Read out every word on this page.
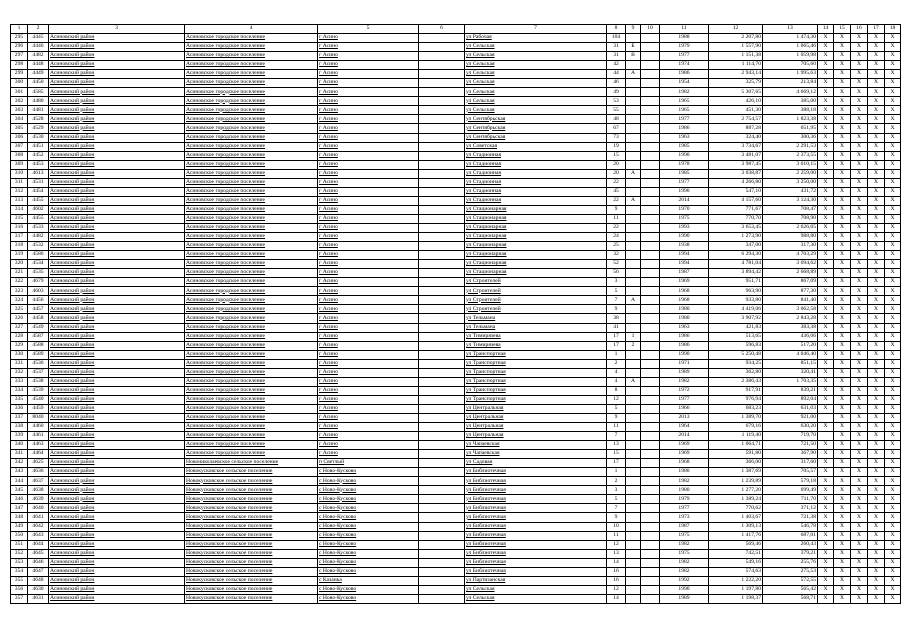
1	2	3	4	5	6	7	8	9	10	11	12	13	14	15	16	17	18
295	4445	Асиновский район	Асиновское городское поселение	г Асино		ул Рабочая	104			1988	2 207,80	1 474,30	X	X	X	X	X
296	4446	Асиновский район	Асиновское городское поселение	г Асино		ул Сельская	31	Б		1979	1 557,90	1 065,46	X	X	X	X	X
297	4482	Асиновский район	Асиновское городское поселение	г Асино		ул Сельская	31	В		1977	1 151,38	1 059,98	X	X	X	X	X
298	4448	Асиновский район	Асиновское городское поселение	г Асино		ул Сельская	42			1974	1 114,70	705,60	X	X	X	X	X
299	4449	Асиновский район	Асиновское городское поселение	г Асино		ул Сельская	44	А		1986	2 943,14	1 995,63	X	X	X	X	X
300	4450	Асиновский район	Асиновское городское поселение	г Асино		ул Сельская	46			1954	325,79	213,84	X	X	X	X	X
301	4585	Асиновский район	Асиновское городское поселение	г Асино		ул Сельская	49			1982	5 307,65	4 669,12	X	X	X	X	X
302	4480	Асиновский район	Асиновское городское поселение	г Асино		ул Сельская	53			1965	426,10	385,00	X	X	X	X	X
303	4481	Асиновский район	Асиновское городское поселение	г Асино		ул Сельская	55			1965	451,30	388,18	X	X	X	X	X
304	4528	Асиновский район	Асиновское городское поселение	г Асино		ул Сентябрьская	48			1977	2 754,57	1 823,38	X	X	X	X	X
305	4529	Асиновский район	Асиновское городское поселение	г Асино		ул Сентябрьская	67			1986	887,28	651,95	X	X	X	X	X
306	4530	Асиновский район	Асиновское городское поселение	г Асино		ул Сентябрьская	73			1963	324,40	300,36	X	X	X	X	X
307	4451	Асиновский район	Асиновское городское поселение	г Асино		ул Советская	19			1985	3 734,67	2 291,53	X	X	X	X	X
308	4452	Асиновский район	Асиновское городское поселение	г Асино		ул Стадионная	15			1990	3 481,07	2 373,55	X	X	X	X	X
309	4453	Асиновский район	Асиновское городское поселение	г Асино		ул Стадионная	20			1978	3 987,45	3 010,15	X	X	X	X	X
310	4613	Асиновский район	Асиновское городское поселение	г Асино		ул Стадионная	20	А		1985	3 038,87	2 259,00	X	X	X	X	X
311	4531	Асиновский район	Асиновское городское поселение	г Асино		ул Стадионная	22			1977	4 266,80	3 250,00	X	X	X	X	X
312	4454	Асиновский район	Асиновское городское поселение	г Асино		ул Стадионная	45			1990	547,10	431,72	X	X	X	X	X
313	4455	Асиновский район	Асиновское городское поселение	г Асино		ул Стадионная	22	А		2014	4 157,60	3 124,30	X	X	X	X	X
314	4602	Асиновский район	Асиновское городское поселение	г Асино		ул Стационарная	9			1970	771,67	708,47	X	X	X	X	X
315	4455	Асиновский район	Асиновское городское поселение	г Асино		ул Стационарная	11			1975	770,70	708,90	X	X	X	X	X
316	4533	Асиновский район	Асиновское городское поселение	г Асино		ул Стационарная	22			1993	3 653,45	2 626,05	X	X	X	X	X
317	4482	Асиновский район	Асиновское городское поселение	г Асино		ул Стационарная	24			1990	1 273,90	988,80	X	X	X	X	X
318	4532	Асиновский район	Асиновское городское поселение	г Асино		ул Стационарная	25			1938	347,00	317,30	X	X	X	X	X
319	4586	Асиновский район	Асиновское городское поселение	г Асино		ул Стационарная	32			1994	6 294,30	4 703,29	X	X	X	X	X
320	4534	Асиновский район	Асиновское городское поселение	г Асино		ул Стационарная	52			1994	4 781,04	3 694,62	X	X	X	X	X
321	4535	Асиновский район	Асиновское городское поселение	г Асино		ул Стационарная	56			1987	3 894,42	2 668,89	X	X	X	X	X
322	4679	Асиновский район	Асиновское городское поселение	г Асино		ул Строителей	3			1969	951,71	867,09	X	X	X	X	X
323	4603	Асиновский район	Асиновское городское поселение	г Асино		ул Строителей	5			1968	963,90	877,30	X	X	X	X	X
324	4456	Асиновский район	Асиновское городское поселение	г Асино		ул Строителей	7	А		1968	933,80	841,40	X	X	X	X	X
325	4457	Асиновский район	Асиновское городское поселение	г Асино		ул Строителей	9			1980	4 419,06	3 062,58	X	X	X	X	X
326	4458	Асиновский район	Асиновское городское поселение	г Асино		ул Тельмана	38			1980	3 907,92	2 843,28	X	X	X	X	X
327	4549	Асиновский район	Асиновское городское поселение	г Асино		ул Тельмана	41			1963	421,83	383,38	X	X	X	X	X
328	4587	Асиновский район	Асиновское городское поселение	г Асино		ул Тимирязева	17	1		1986	513,65	436,06	X	X	X	X	X
329	4588	Асиновский район	Асиновское городское поселение	г Асино		ул Тимирязева	17	2		1986	596,83	517,20	X	X	X	X	X
330	4589	Асиновский район	Асиновское городское поселение	г Асино		ул Транспортная	1			1990	5 250,48	4 046,40	X	X	X	X	X
331	4536	Асиновский район	Асиновское городское поселение	г Асино		ул Транспортная	2			1971	934,25	851,15	X	X	X	X	X
332	4537	Асиновский район	Асиновское городское поселение	г Асино		ул Транспортная	4			1989	362,80	320,41	X	X	X	X	X
333	4538	Асиновский район	Асиновское городское поселение	г Асино		ул Транспортная	4	А		1982	2 386,43	1 703,35	X	X	X	X	X
334	4539	Асиновский район	Асиновское городское поселение	г Асино		ул Транспортная	8			1972	917,91	839,21	X	X	X	X	X
335	4540	Асиновский район	Асиновское городское поселение	г Асино		ул Транспортная	12			1977	976,94	892,04	X	X	X	X	X
336	4459	Асиновский район	Асиновское городское поселение	г Асино		ул Центральная	5			1966	683,23	631,03	X	X	X	X	X
337	8040	Асиновский район	Асиновское городское поселение	г Асино		ул Центральная	9			2013	1 389,70	921,00		X	X	X	X
338	4460	Асиновский район	Асиновское городское поселение	г Асино		ул Центральная	11			1964	679,16	630,20	X	X	X	X	X
339	4461	Асиновский район	Асиновское городское поселение	г Асино		ул Центральная	7			2014	1 119,40	719,70		X	X	X	X
340	4463	Асиновский район	Асиновское городское поселение	г Асино		ул Чапаевская	13			1969	1 064,71	721,50	X	X	X	X	X
341	4464	Асиновский район	Асиновское городское поселение	г Асино		ул Чапаевская	15			1969	591,80	367,90	X	X	X	X	X
342	4625	Асиновский район	Новониколаевское сельское поселение	п Светлый		ул Садовая	17			1968	366,00	317,60	X	X	X	X	X
343	4636	Асиновский район	Новокусковское сельское поселение	с Ново-Кусково		ул Библиотечная	1			1980	1 387,69	705,57	X	X	X	X	X
344	4637	Асиновский район	Новокусковское сельское поселение	с Ново-Кусково		ул Библиотечная	2			1982	1 239,89	579,18	X	X	X	X	X
345	4638	Асиновский район	Новокусковское сельское поселение	с Ново-Кусково		ул Библиотечная	3			1980	1 277,20	699,49	X	X	X	X	X
346	4639	Асиновский район	Новокусковское сельское поселение	с Ново-Кусково		ул Библиотечная	5			1979	1 389,24	711,70	X	X	X	X	X
347	4640	Асиновский район	Новокусковское сельское поселение	с Ново-Кусково		ул Библиотечная	7			1977	770,62	371,12	X	X	X	X	X
348	4641	Асиновский район	Новокусковское сельское поселение	с Ново-Кусково		ул Библиотечная	9			1973	1 403,67	721,38	X	X	X	X	X
349	4642	Асиновский район	Новокусковское сельское поселение	с Ново-Кусково		ул Библиотечная	10			1987	1 309,13	546,78	X	X	X	X	X
350	4643	Асиновский район	Новокусковское сельское поселение	с Ново-Кусково		ул Библиотечная	11			1975	1 417,76	687,01	X	X	X	X	X
351	4644	Асиновский район	Новокусковское сельское поселение	с Ново-Кусково		ул Библиотечная	12			1982	569,46	260,43	X	X	X	X	X
352	4645	Асиновский район	Новокусковское сельское поселение	с Ново-Кусково		ул Библиотечная	13			1975	742,51	379,21	X	X	X	X	X
353	4646	Асиновский район	Новокусковское сельское поселение	с Ново-Кусково		ул Библиотечная	14			1982	549,16	255,76	X	X	X	X	X
354	4647	Асиновский район	Новокусковское сельское поселение	с Ново-Кусково		ул Библиотечная	16			1982	574,63	275,53	X	X	X	X	X
355	4648	Асиновский район	Новокусковское сельское поселение	с Казанка		ул Партизанская	16			1992	1 222,20	572,55	X	X	X	X	X
356	4630	Асиновский район	Новокусковское сельское поселение	с Ново-Кусково		ул Сельская	12			1990	1 197,80	565,42	X	X	X	X	X
357	4631	Асиновский район	Новокусковское сельское поселение	с Ново-Кусково		ул Сельская	14			1989	1 198,37	568,71	X	X	X	X	X
